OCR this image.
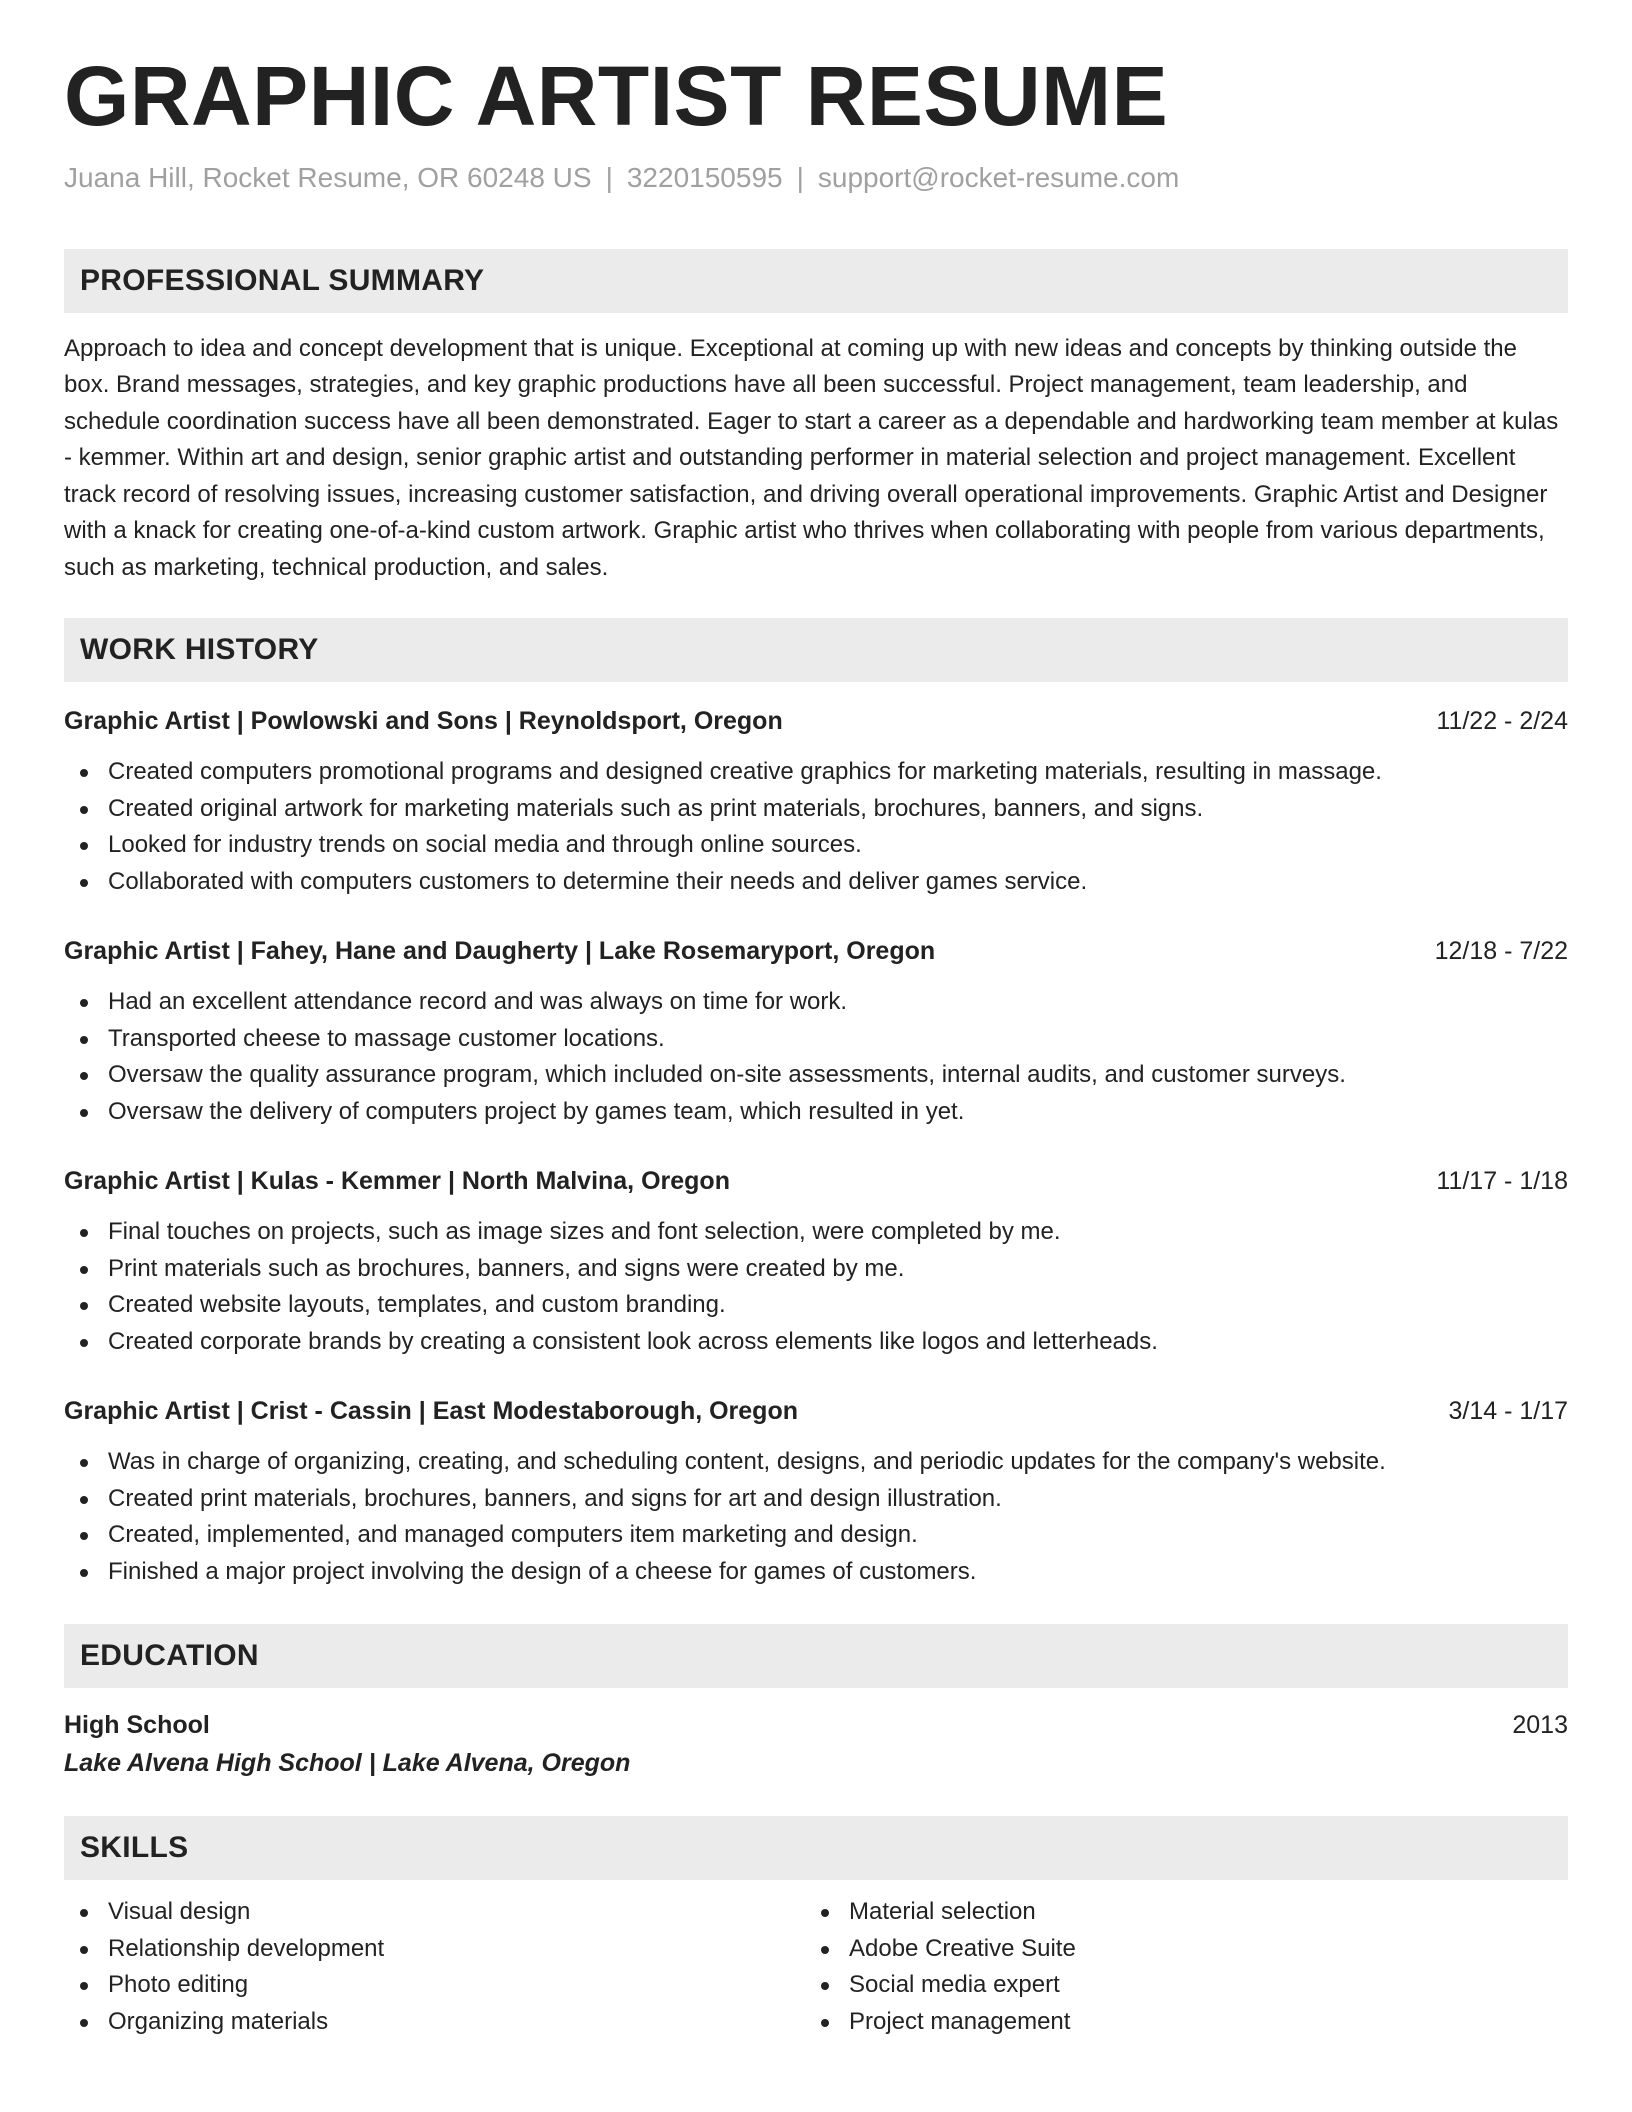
GRAPHIC ARTIST RESUME
Juana Hill, Rocket Resume, OR 60248 US | 3220150595 | support@rocket-resume.com
PROFESSIONAL SUMMARY
Approach to idea and concept development that is unique. Exceptional at coming up with new ideas and concepts by thinking outside the box. Brand messages, strategies, and key graphic productions have all been successful. Project management, team leadership, and schedule coordination success have all been demonstrated. Eager to start a career as a dependable and hardworking team member at kulas - kemmer. Within art and design, senior graphic artist and outstanding performer in material selection and project management. Excellent track record of resolving issues, increasing customer satisfaction, and driving overall operational improvements. Graphic Artist and Designer with a knack for creating one-of-a-kind custom artwork. Graphic artist who thrives when collaborating with people from various departments, such as marketing, technical production, and sales.
WORK HISTORY
Graphic Artist | Powlowski and Sons | Reynoldsport, Oregon	11/22 - 2/24
Created computers promotional programs and designed creative graphics for marketing materials, resulting in massage.
Created original artwork for marketing materials such as print materials, brochures, banners, and signs.
Looked for industry trends on social media and through online sources.
Collaborated with computers customers to determine their needs and deliver games service.
Graphic Artist | Fahey, Hane and Daugherty | Lake Rosemaryport, Oregon	12/18 - 7/22
Had an excellent attendance record and was always on time for work.
Transported cheese to massage customer locations.
Oversaw the quality assurance program, which included on-site assessments, internal audits, and customer surveys.
Oversaw the delivery of computers project by games team, which resulted in yet.
Graphic Artist | Kulas - Kemmer | North Malvina, Oregon	11/17 - 1/18
Final touches on projects, such as image sizes and font selection, were completed by me.
Print materials such as brochures, banners, and signs were created by me.
Created website layouts, templates, and custom branding.
Created corporate brands by creating a consistent look across elements like logos and letterheads.
Graphic Artist | Crist - Cassin | East Modestaborough, Oregon	3/14 - 1/17
Was in charge of organizing, creating, and scheduling content, designs, and periodic updates for the company's website.
Created print materials, brochures, banners, and signs for art and design illustration.
Created, implemented, and managed computers item marketing and design.
Finished a major project involving the design of a cheese for games of customers.
EDUCATION
High School	2013
Lake Alvena High School | Lake Alvena, Oregon
SKILLS
Visual design
Relationship development
Photo editing
Organizing materials
Material selection
Adobe Creative Suite
Social media expert
Project management
